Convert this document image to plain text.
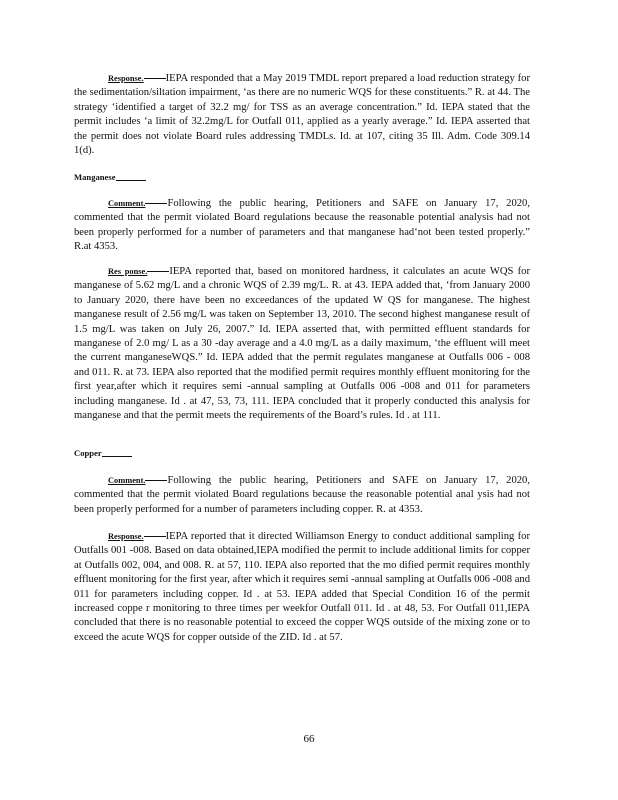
Response. IEPA responded that a May 2019 TMDL report prepared a load reduction strategy for the sedimentation/siltation impairment, ‘as there are no numeric WQS for these constituents.” R. at 44. The strategy ‘identified a target of 32.2 mg/ for TSS as an average concentration.” Id. IEPA stated that the permit includes ‘a limit of 32.2mg/L for Outfall 011, applied as a yearly average.” Id. IEPA asserted that the permit does not violate Board rules addressing TMDLs. Id. at 107, citing 35 Ill. Adm. Code 309.14 1(d).

Manganese

Comment. Following the public hearing, Petitioners and SAFE on January 17, 2020, commented that the permit violated Board regulations because the reasonable potential analysis had not been properly performed for a number of parameters and that manganese had‘not been tested properly.” R.at 4353.

Res ponse. IEPA reported that, based on monitored hardness, it calculates an acute WQS for manganese of 5.62 mg/L and a chronic WQS of 2.39 mg/L. R. at 43. IEPA added that, ‘from January 2000 to January 2020, there have been no exceedances of the updated W QS for manganese. The highest manganese result of 2.56 mg/L was taken on September 13, 2010. The second highest manganese result of 1.5 mg/L was taken on July 26, 2007.” Id. IEPA asserted that, with permitted effluent standards for manganese of 2.0 mg/ L as a 30 -day average and a 4.0 mg/L as a daily maximum, ‘the effluent will meet the current manganeseWQS.” Id. IEPA added that the permit regulates manganese at Outfalls 006 - 008 and 011. R. at 73. IEPA also reported that the modified permit requires monthly effluent monitoring for the first year,after which it requires semi -annual sampling at Outfalls 006 -008 and 011 for parameters including manganese. Id . at 47, 53, 73, 111. IEPA concluded that it properly conducted this analysis for manganese and that the permit meets the requirements of the Board’s rules. Id . at 111.

Copper

Comment. Following the public hearing, Petitioners and SAFE on January 17, 2020, commented that the permit violated Board regulations because the reasonable potential anal ysis had not been properly performed for a number of parameters including copper. R. at 4353.

Response. IEPA reported that it directed Williamson Energy to conduct additional sampling for Outfalls 001 -008. Based on data obtained,IEPA modified the permit to include additional limits for copper at Outfalls 002, 004, and 008. R. at 57, 110. IEPA also reported that the mo dified permit requires monthly effluent monitoring for the first year, after which it requires semi -annual sampling at Outfalls 006 -008 and 011 for parameters including copper. Id . at 53. IEPA added that Special Condition 16 of the permit increased coppe r monitoring to three times per weekfor Outfall 011. Id . at 48, 53. For Outfall 011,IEPA concluded that there is no reasonable potential to exceed the copper WQS outside of the mixing zone or to exceed the acute WQS for copper outside of the ZID. Id . at 57.

66
